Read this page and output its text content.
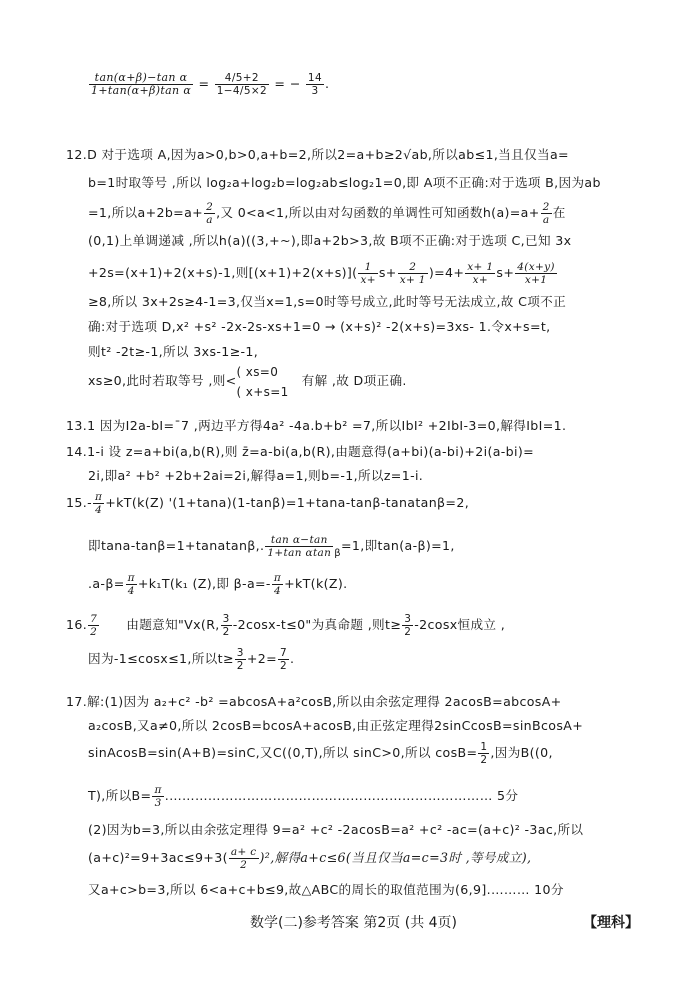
$\frac{\text{tan(α+β)−tan α}}{\text{1+tan(α+β)tan α}} = \frac{4/5+2}{1-4/5\times 2}$ = − $\frac{14}{3}$ .
12.D 对于选项 A,因为a>0,b>0,a+b=2,所以2=a+b≥2√ab,所以ab≤1,当且仅当a=
b=1时取等号 ,所以 log₂a+log₂b=log₂ab≤log₂1=0,即 A项不正确:对于选项 B,因为ab
=1,所以$a+2b=a+ \frac{2}{a}$ ,又 0<a<1,所以由对勾函数的单调性可知函数$h(a)=a+ \frac{2}{a}$ 在
(0,1)上单调递减 ,所以h(a)((3,+~),即a+2b>3,故 B项不正确:对于选项 C,已知 3x
+2s=(x+1)+2(x+s)-1,则$[(x+1)+2(x+s)]( \frac{1}{x+} s+ \frac{2}{x+ 1} )=4+ \frac{x+ 1}{x+} s+ \frac{4(x+y)}{x+1}$
≥8,所以 3x+2s≥4-1=3,仅当x=1,s=0时等号成立,此时等号无法成立,故 C项不正
确:对于选项 D,x² +s² -2x-2s-xs+1=0 → (x+s)² -2(x+s)=3xs- 1.令x+s=t,
则t² -2t≥-1,所以 3xs-1≥-1,
xs≥0,此时若取等号 ,则<
( xs=0
( x+s=1
有解 ,故 D项正确.
13.1 因为I2a-bI=¯7 ,两边平方得4a² -4a.b+b² =7,所以IbI² +2IbI-3=0,解得IbI=1.
14.1-i 设 z=a+bi(a,b(R),则 z̄=a-bi(a,b(R),由题意得(a+bi)(a-bi)+2i(a-bi)=
2i,即a² +b² +2b+2ai=2i,解得a=1,则b=-1,所以z=1-i.
$15.- \frac{\pi}{4} +kT(k(Z)$ '(1+tana)(1-tanβ)=1+tana-tanβ-tanatanβ=2,
即tana-tanβ=1+tanatanβ,. $\frac{\text{tan α−tan}}{\text{1+tan αtan}} _\beta=1$,即tan(a-β)=1,
$.a-\beta= \frac{\pi}{4} +k_1T(k_1$ (Z),即 $\beta-a=- \frac{\pi}{4} +kT(k(Z)$.
16. $\frac{7}{2}$ 由题意知"Vx(R, $\frac{3}{2} -2\cos x-t\le 0$"为真命题 ,则$t\ge \frac{3}{2} -2\cos x$恒成立 ,
因为-1≤cosx≤1,所以$t\ge \frac{3}{2} +2= \frac{7}{2}$ .
17.解:(1)因为 a₂+c² -b² =abcosA+a²cosB,所以由余弦定理得 2acosB=abcosA+
a₂cosB,又a≠0,所以 2cosB=bcosA+acosB,由正弦定理得2sinCcosB=sinBcosA+
sinAcosB=sin(A+B)=sinC,又C((0,T),所以 sinC>0,所以 $\cos B= \frac{1}{2}$ ,因为B((0,
T),所以$B= \frac{\pi}{3}$ .………………………………………………………………… 5分
(2)因为b=3,所以由余弦定理得 9=a² +c² -2acosB=a² +c² -ac=(a+c)² -3ac,所以
$(a+c)^2=9+3ac\le 9+3( \frac{a+ c}{2} )^2$,解得a+c≤6(当且仅当a=c=3时 ,等号成立),
又a+c>b=3,所以 6<a+c+b≤9,故△ABC的周长的取值范围为(6,9].……… 10分
数学(二)参考答案 第2页 (共 4页)	【理科】
